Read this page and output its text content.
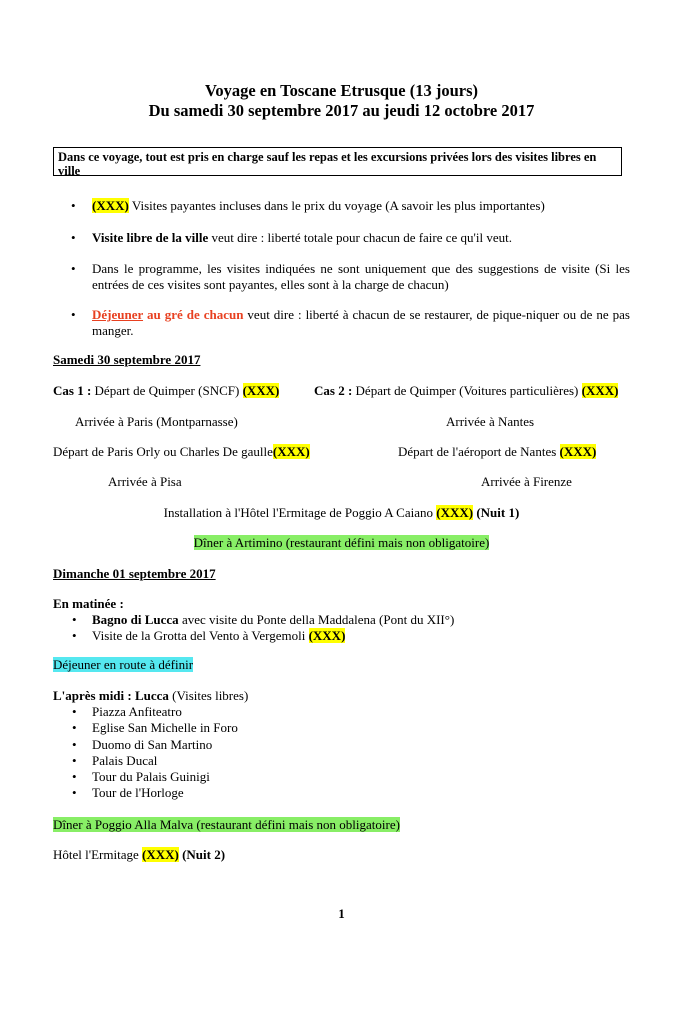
Voyage en Toscane Etrusque (13 jours)
Du samedi 30 septembre 2017 au jeudi 12 octobre 2017
Dans ce voyage, tout est pris en charge sauf les repas et les excursions privées lors des visites libres en ville
• (XXX) Visites payantes incluses dans le prix du voyage (A savoir les plus importantes)
• Visite libre de la ville veut dire : liberté totale pour chacun de faire ce qu'il veut.
• Dans le programme, les visites indiquées ne sont uniquement que des suggestions de visite (Si les entrées de ces visites sont payantes, elles sont à la charge de chacun)
• Déjeuner au gré de chacun veut dire : liberté à chacun de se restaurer, de pique-niquer ou de ne pas manger.
Samedi 30 septembre 2017
Cas 1 : Départ de Quimper (SNCF) (XXX)	Cas 2 : Départ de Quimper (Voitures particulières) (XXX)
Arrivée à Paris (Montparnasse)	Arrivée à Nantes
Départ de Paris Orly ou Charles De gaulle(XXX)	Départ de l'aéroport de Nantes (XXX)
Arrivée à Pisa	Arrivée à Firenze
Installation à l'Hôtel l'Ermitage de Poggio A Caiano (XXX) (Nuit 1)
Dîner à Artimino (restaurant défini mais non obligatoire)
Dimanche 01 septembre 2017
En matinée :
• Bagno di Lucca avec visite du Ponte della Maddalena (Pont du XII°)
• Visite de la Grotta del Vento à Vergemoli (XXX)
Déjeuner en route à définir
L'après midi : Lucca (Visites libres)
• Piazza Anfiteatro
• Eglise San Michelle in Foro
• Duomo di San Martino
• Palais Ducal
• Tour du Palais Guinigi
• Tour de l'Horloge
Dîner à Poggio Alla Malva (restaurant défini mais non obligatoire)
Hôtel l'Ermitage (XXX) (Nuit 2)
1
